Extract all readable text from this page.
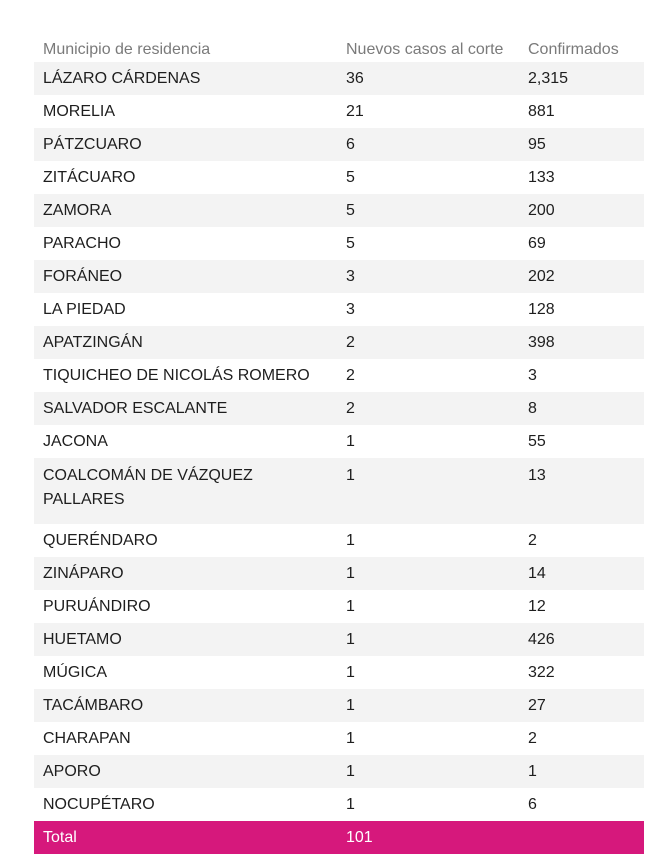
Municipio de residencia	Nuevos casos al corte	Confirmados
LÁZARO CÁRDENAS	36	2,315
MORELIA	21	881
PÁTZCUARO	6	95
ZITÁCUARO	5	133
ZAMORA	5	200
PARACHO	5	69
FORÁNEO	3	202
LA PIEDAD	3	128
APATZINGÁN	2	398
TIQUICHEO DE NICOLÁS ROMERO	2	3
SALVADOR ESCALANTE	2	8
JACONA	1	55
COALCOMÁN DE VÁZQUEZ PALLARES	1	13
QUERÉNDARO	1	2
ZINÁPARO	1	14
PURUÁNDIRO	1	12
HUETAMO	1	426
MÚGICA	1	322
TACÁMBARO	1	27
CHARAPAN	1	2
APORO	1	1
NOCUPÉTARO	1	6
Total	101	
